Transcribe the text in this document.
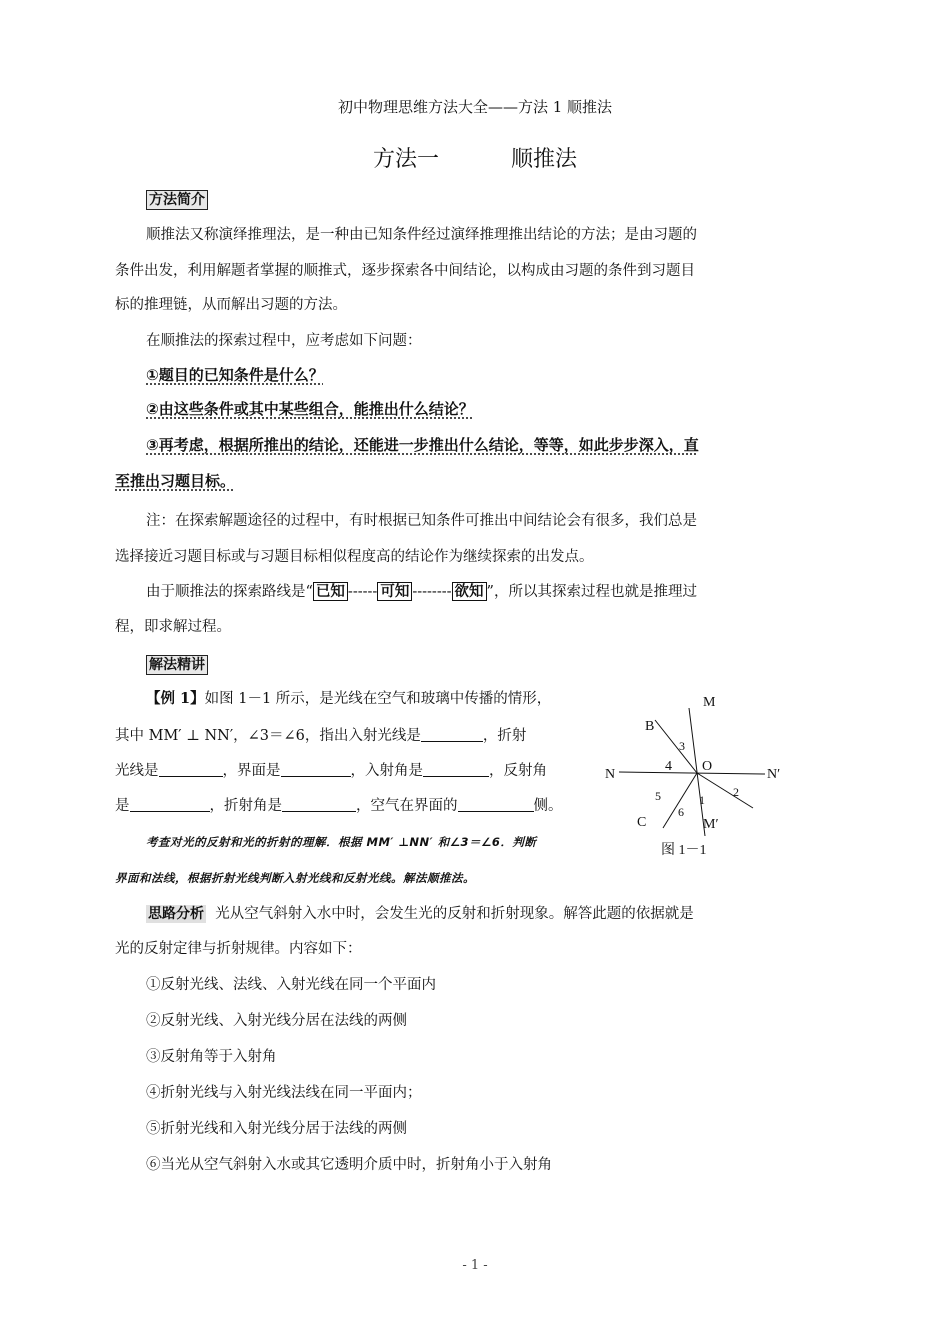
初中物理思维方法大全——方法 1 顺推法
方法一	顺推法
方法简介
顺推法又称演绎推理法，是一种由已知条件经过演绎推理推出结论的方法；是由习题的
条件出发，利用解题者掌握的顺推式，逐步探索各中间结论，以构成由习题的条件到习题目
标的推理链，从而解出习题的方法。
在顺推法的探索过程中，应考虑如下问题：
①题目的已知条件是什么？
②由这些条件或其中某些组合，能推出什么结论？
③再考虑，根据所推出的结论，还能进一步推出什么结论，等等，如此步步深入，直
至推出习题目标。
注：在探索解题途径的过程中，有时根据已知条件可推出中间结论会有很多，我们总是
选择接近习题目标或与习题目标相似程度高的结论作为继续探索的出发点。
由于顺推法的探索路线是“ 已知 ------ 可知 -------- 欲知 ”，所以其探索过程也就是推理过
程，即求解过程。
解法精讲
【例 1】如图 1－1 所示，是光线在空气和玻璃中传播的情形，
其中 MM′ ⊥ NN′，∠3＝∠6，指出入射光线是	，折射
光线是	，界面是	，入射角是	，反射角
是	，折射角是	，空气在界面的	侧。
考查对光的反射和光的折射的理解．根据 MM′ ⊥NN′ 和∠3＝∠6．判断
界面和法线，根据折射光线判断入射光线和反射光线。解法顺推法。
M
M′
N	N′
O
B
C
3
4
5
6
1
2
图 1－1
思路分析 光从空气斜射入水中时，会发生光的反射和折射现象。解答此题的依据就是
光的反射定律与折射规律。内容如下：
①反射光线、法线、入射光线在同一个平面内
②反射光线、入射光线分居在法线的两侧
③反射角等于入射角
④折射光线与入射光线法线在同一平面内；
⑤折射光线和入射光线分居于法线的两侧
⑥当光从空气斜射入水或其它透明介质中时，折射角小于入射角
- 1 -
